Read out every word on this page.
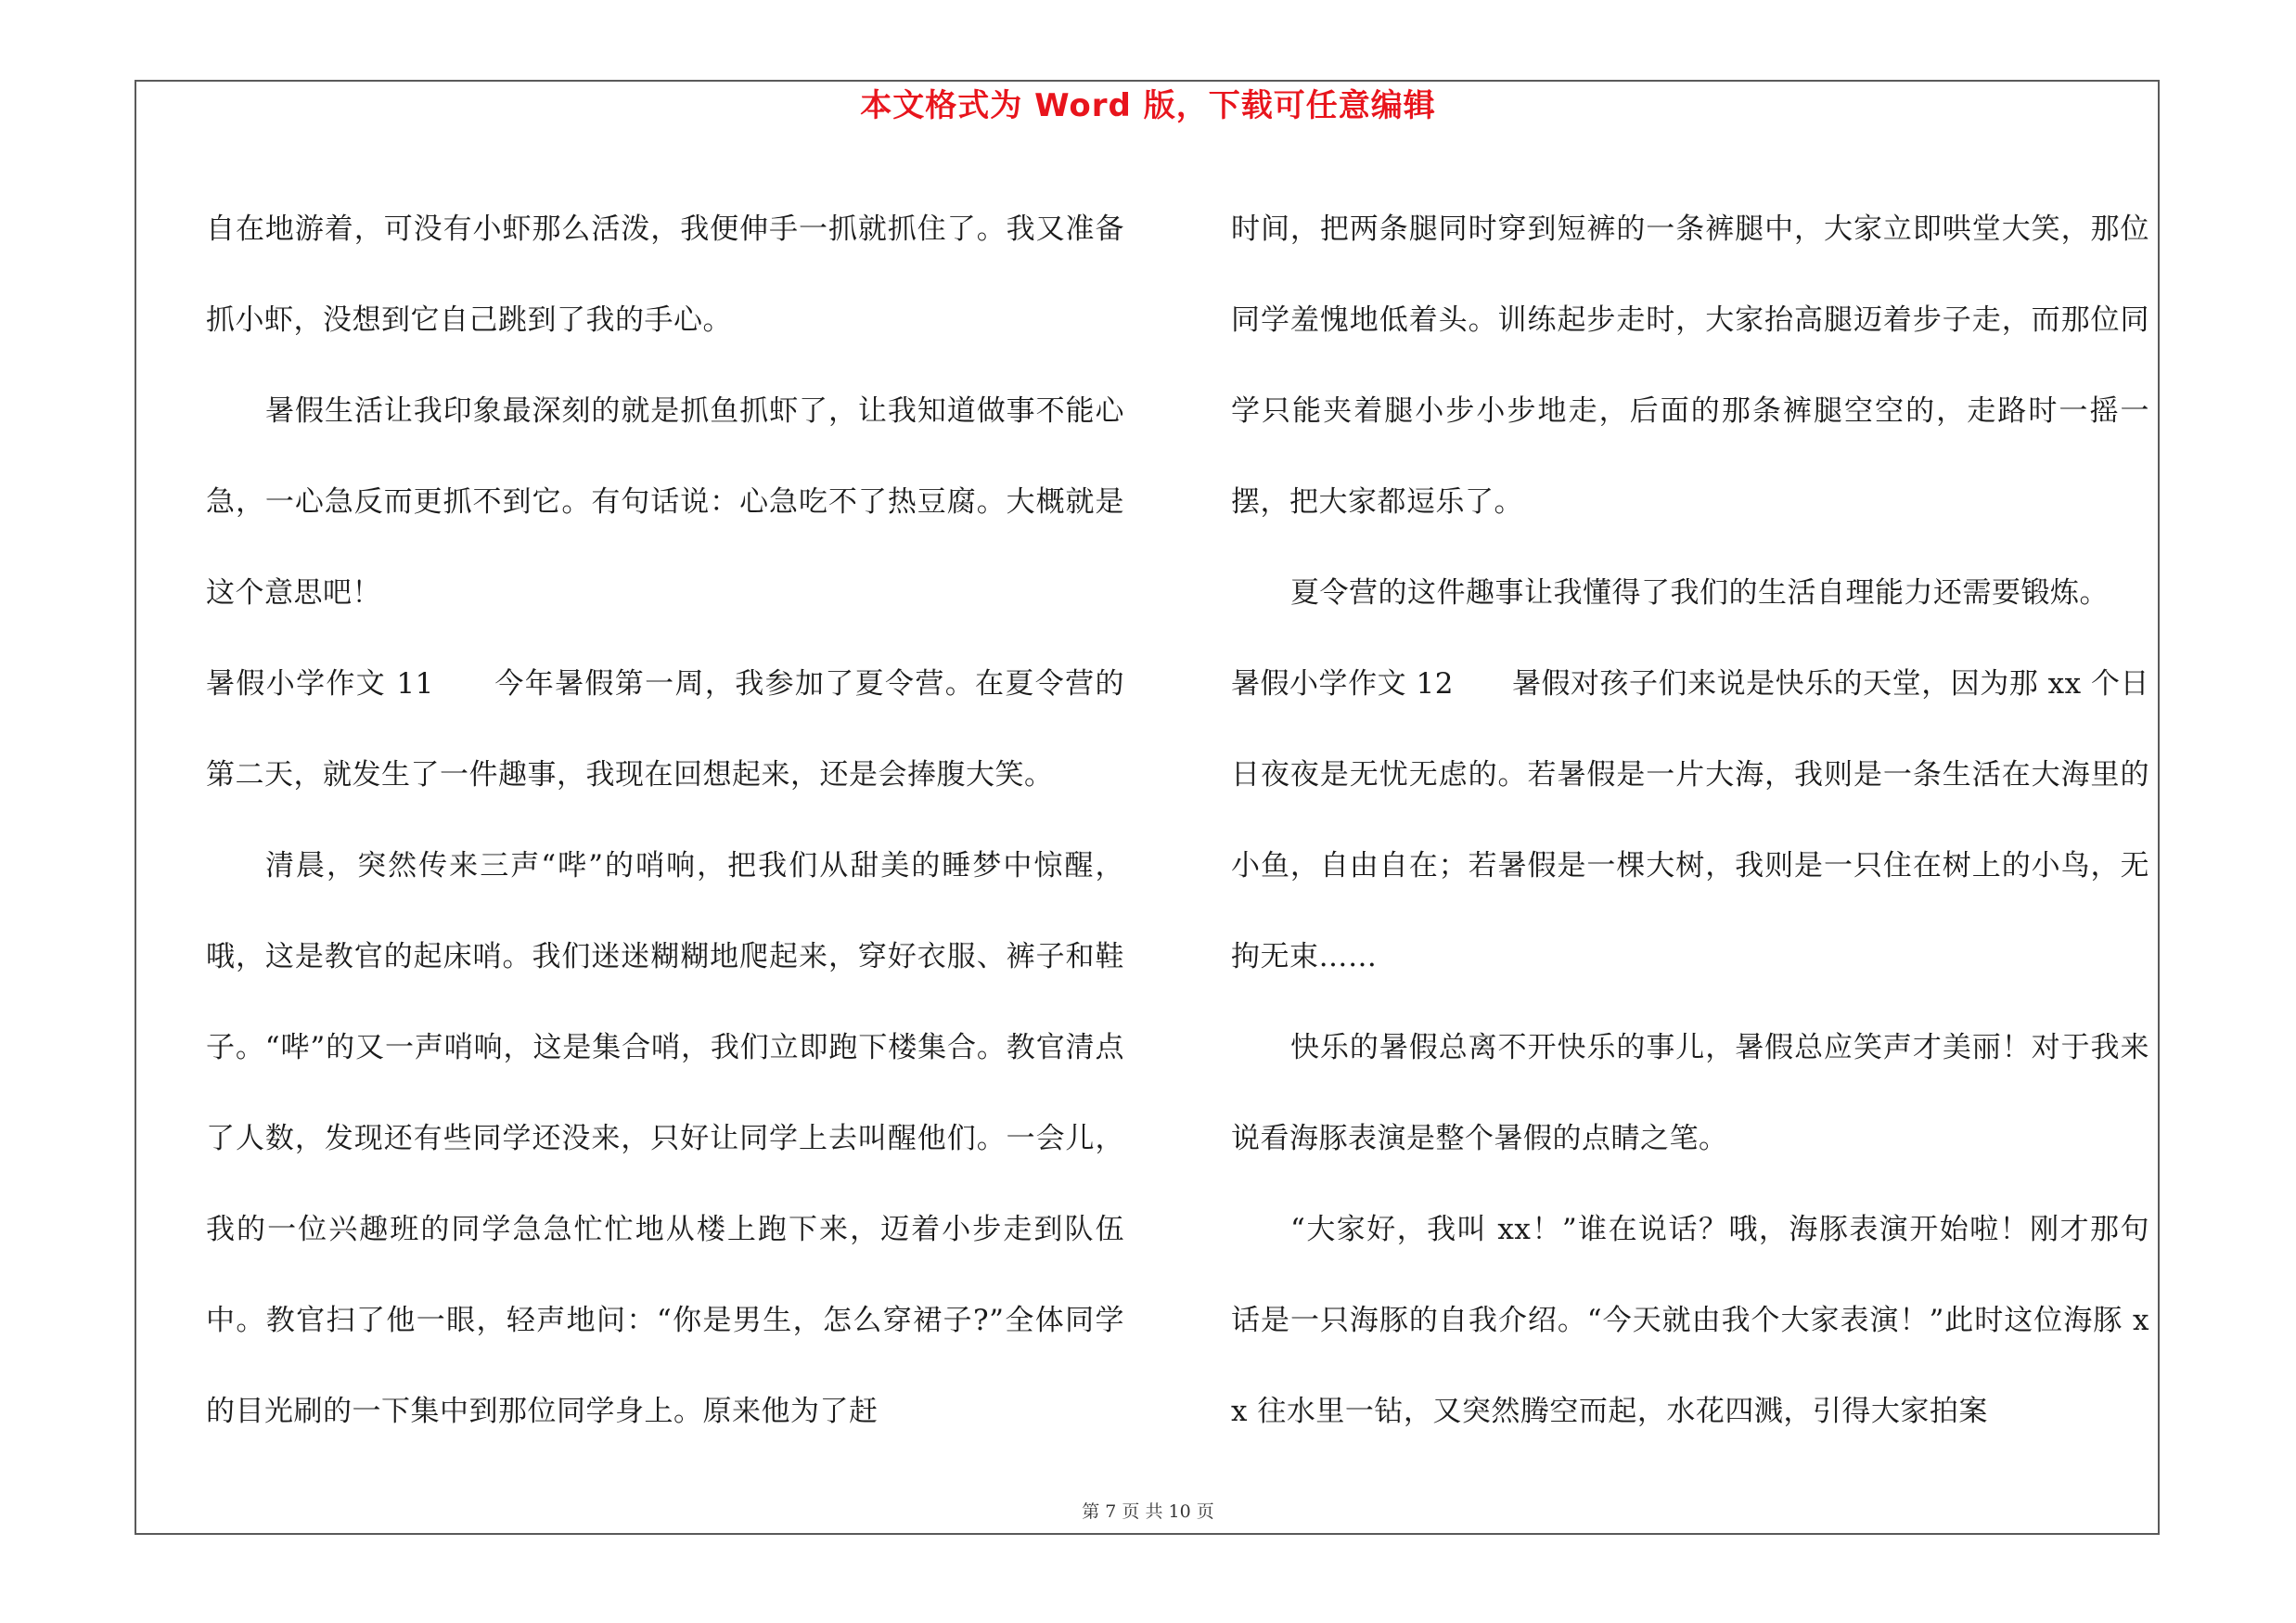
本文格式为 Word 版，下载可任意编辑

自在地游着，可没有小虾那么活泼，我便伸手一抓就抓住了。我又准备抓小虾，没想到它自己跳到了我的手心。

暑假生活让我印象最深刻的就是抓鱼抓虾了，让我知道做事不能心急，一心急反而更抓不到它。有句话说：心急吃不了热豆腐。大概就是这个意思吧！

暑假小学作文 11　　今年暑假第一周，我参加了夏令营。在夏令营的第二天，就发生了一件趣事，我现在回想起来，还是会捧腹大笑。

清晨，突然传来三声“哔”的哨响，把我们从甜美的睡梦中惊醒，哦，这是教官的起床哨。我们迷迷糊糊地爬起来，穿好衣服、裤子和鞋子。“哔”的又一声哨响，这是集合哨，我们立即跑下楼集合。教官清点了人数，发现还有些同学还没来，只好让同学上去叫醒他们。一会儿，我的一位兴趣班的同学急急忙忙地从楼上跑下来，迈着小步走到队伍中。教官扫了他一眼，轻声地问：“你是男生，怎么穿裙子?”全体同学的目光刷的一下集中到那位同学身上。原来他为了赶

时间，把两条腿同时穿到短裤的一条裤腿中，大家立即哄堂大笑，那位同学羞愧地低着头。训练起步走时，大家抬高腿迈着步子走，而那位同学只能夹着腿小步小步地走，后面的那条裤腿空空的，走路时一摇一摆，把大家都逗乐了。

夏令营的这件趣事让我懂得了我们的生活自理能力还需要锻炼。

暑假小学作文 12　　暑假对孩子们来说是快乐的天堂，因为那 xx 个日日夜夜是无忧无虑的。若暑假是一片大海，我则是一条生活在大海里的小鱼，自由自在；若暑假是一棵大树，我则是一只住在树上的小鸟，无拘无束……

快乐的暑假总离不开快乐的事儿，暑假总应笑声才美丽！对于我来说看海豚表演是整个暑假的点睛之笔。

“大家好，我叫 xx！”谁在说话？哦，海豚表演开始啦！刚才那句话是一只海豚的自我介绍。“今天就由我个大家表演！”此时这位海豚 xx 往水里一钻，又突然腾空而起，水花四溅，引得大家拍案

第 7 页 共 10 页
